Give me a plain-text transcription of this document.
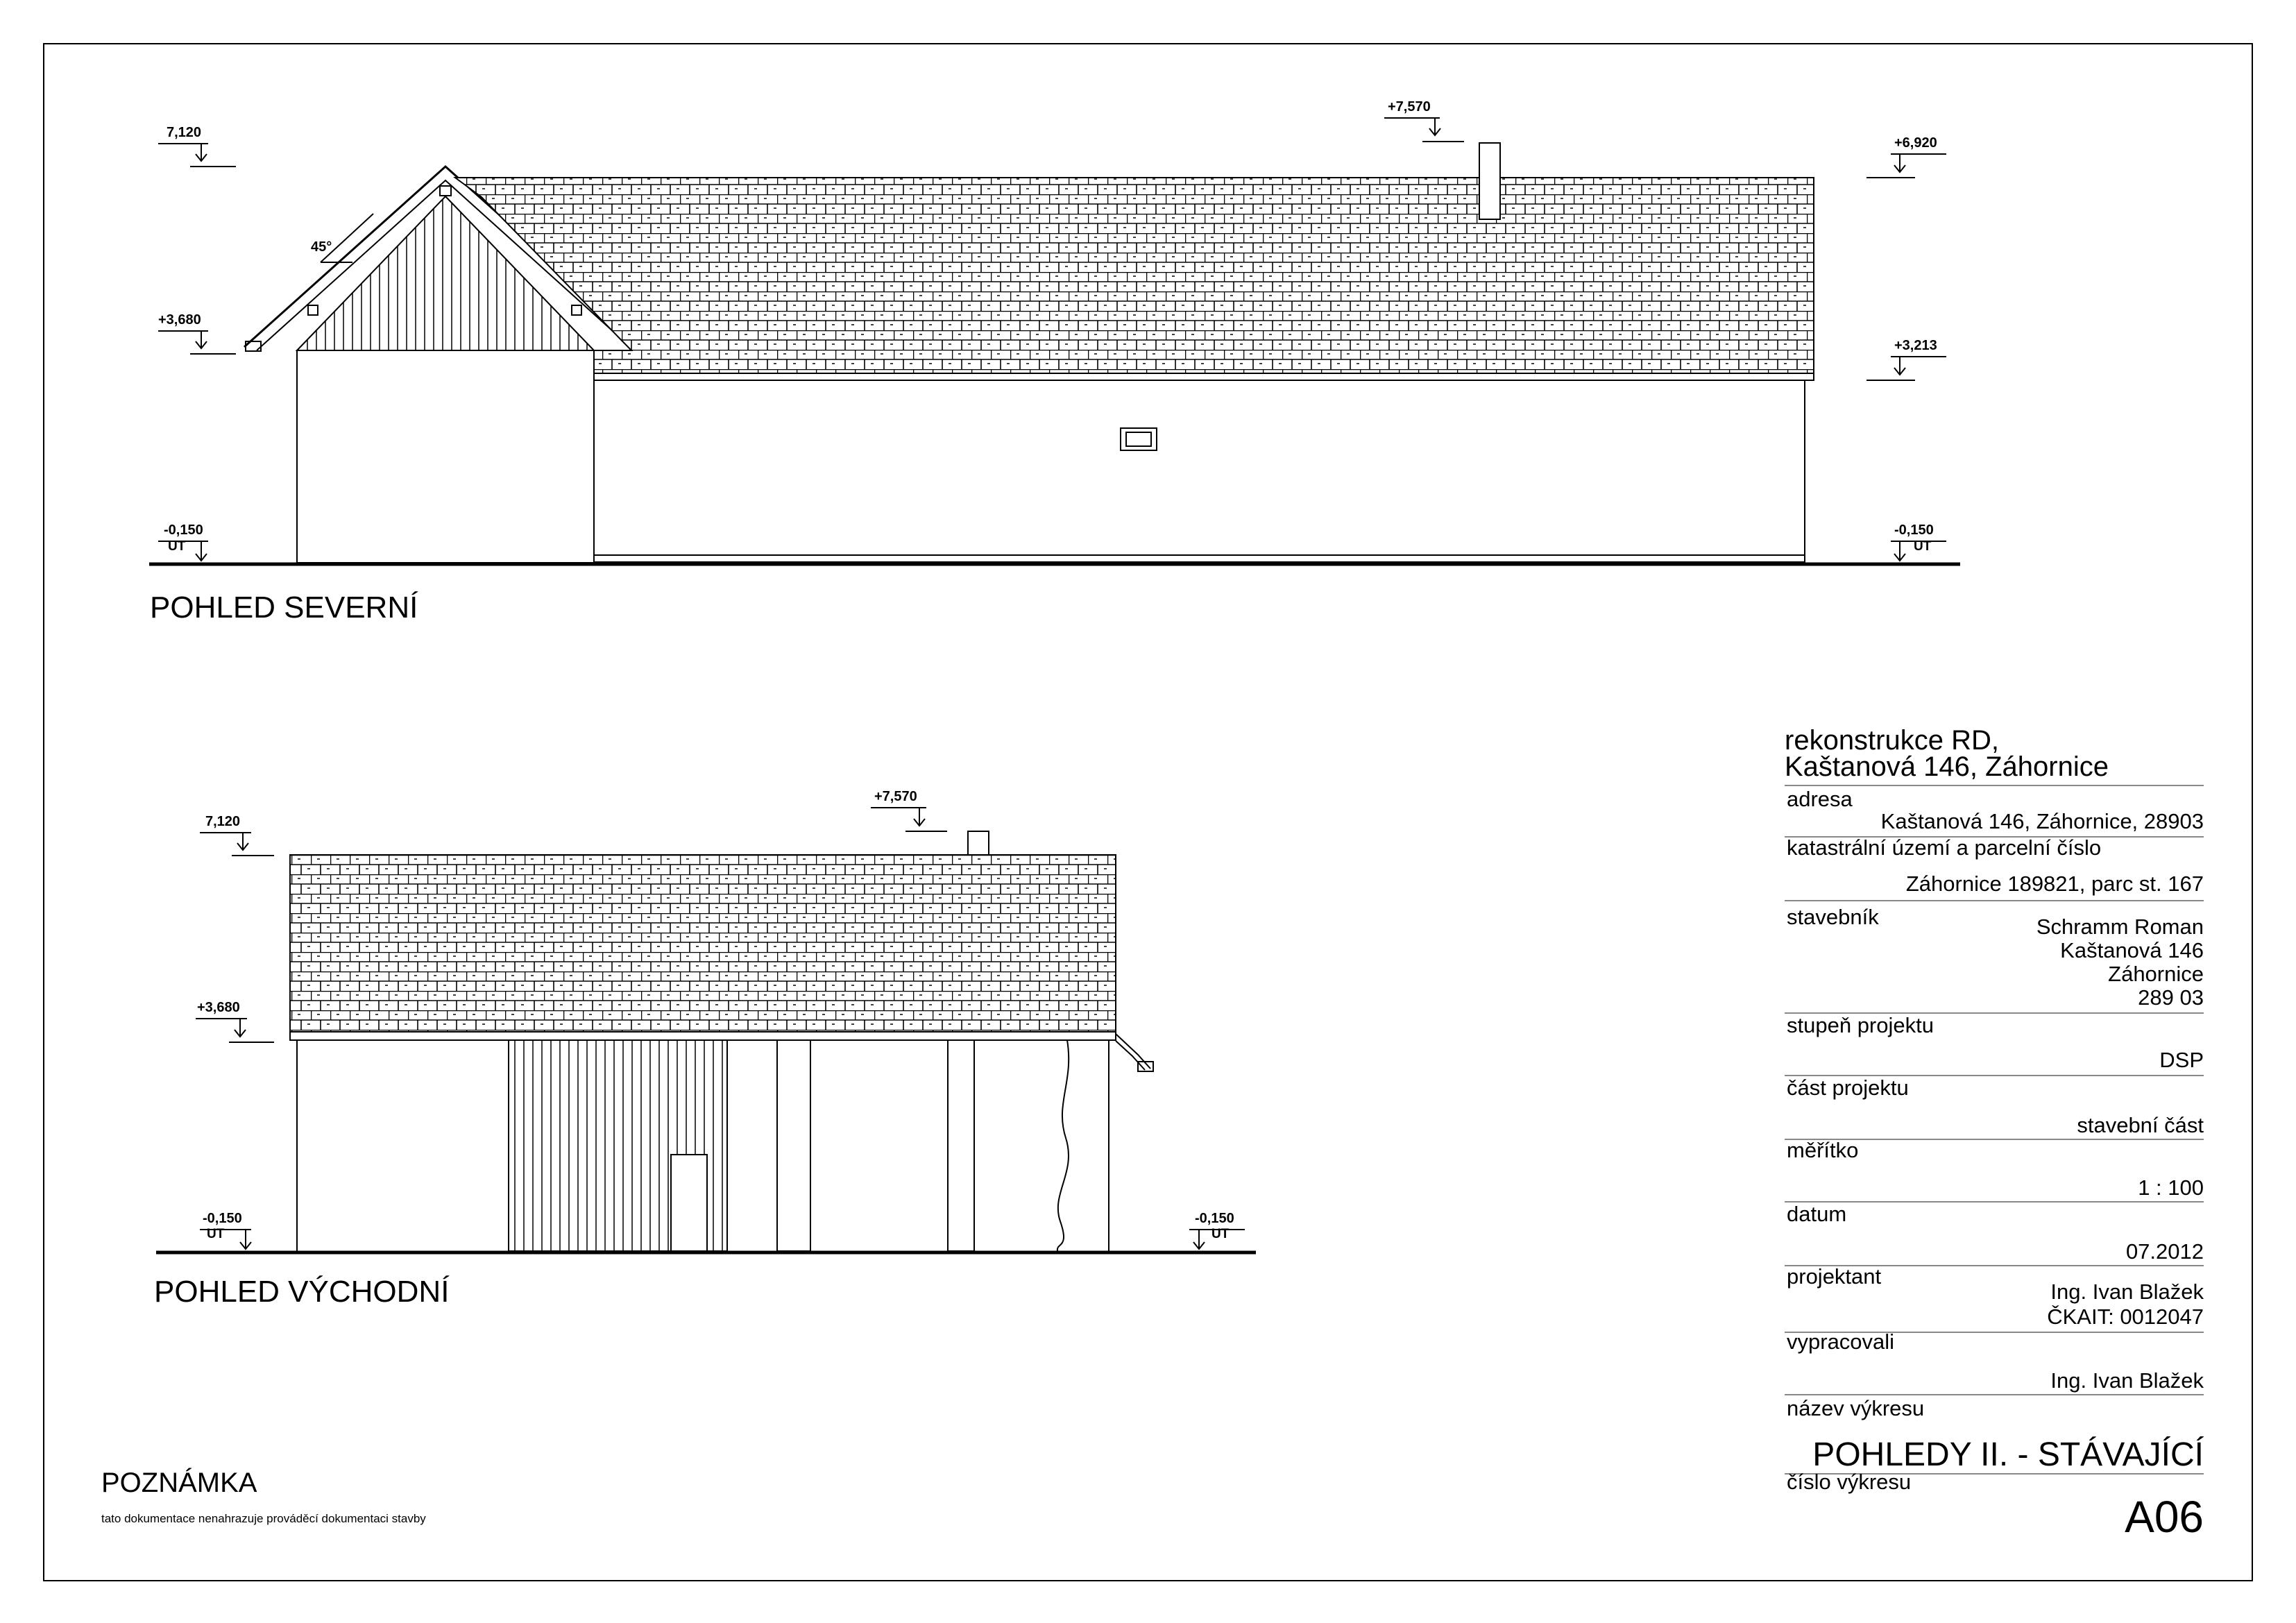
7,120
+7,570
+6,920
+3,680
+3,213
-0,150
UT
-0,150
UT
45°
POHLED SEVERNÍ
7,120
+7,570
+3,680
-0,150
UT
-0,150
UT
POHLED VÝCHODNÍ
rekonstrukce RD,
Kaštanová 146, Záhornice
adresa
Kaštanová 146, Záhornice, 28903
katastrální území a parcelní číslo
Záhornice 189821, parc st. 167
stavebník	Schramm Roman
Kaštanová 146
Záhornice
289 03
stupeň projektu
DSP
část projektu
stavební část
měřítko
1 : 100
datum
07.2012
projektant
Ing. Ivan Blažek
ČKAIT: 0012047
vypracovali
Ing. Ivan Blažek
název výkresu
POHLEDY II. - STÁVAJÍCÍ
číslo výkresu
A06
POZNÁMKA
tato dokumentace nenahrazuje prováděcí dokumentaci stavby
